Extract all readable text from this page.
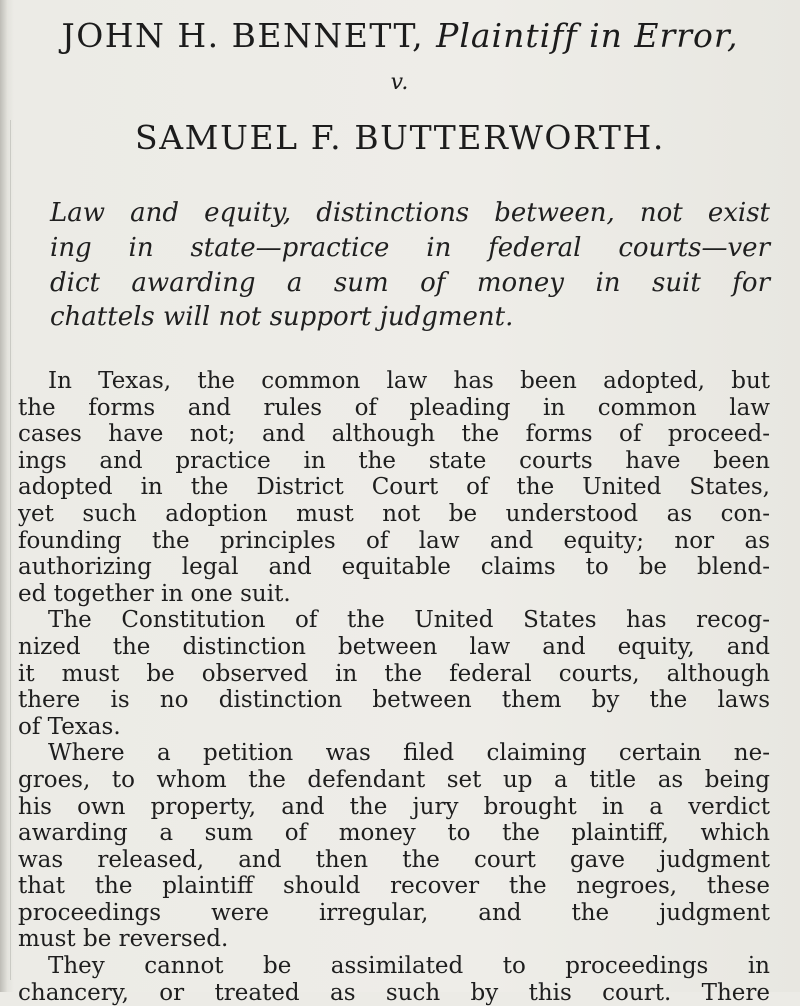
JOHN H. BENNETT, Plaintiff in Error,
v.
SAMUEL F. BUTTERWORTH.
Law and equity, distinctions between, not exist
ing in state—practice in federal courts—ver
dict awarding a sum of money in suit for
chattels will not support judgment.
In Texas, the common law has been adopted, but
the forms and rules of pleading in common law
cases have not; and although the forms of proceed-
ings and practice in the state courts have been
adopted in the District Court of the United States,
yet such adoption must not be understood as con-
founding the principles of law and equity; nor as
authorizing legal and equitable claims to be blend-
ed together in one suit.
The Constitution of the United States has recog-
nized the distinction between law and equity, and
it must be observed in the federal courts, although
there is no distinction between them by the laws
of Texas.
Where a petition was filed claiming certain ne-
groes, to whom the defendant set up a title as being
his own property, and the jury brought in a verdict
awarding a sum of money to the plaintiff, which
was released, and then the court gave judgment
that the plaintiff should recover the negroes, these
proceedings were irregular, and the judgment
must be reversed.
They cannot be assimilated to proceedings in
chancery, or treated as such by this court. There
